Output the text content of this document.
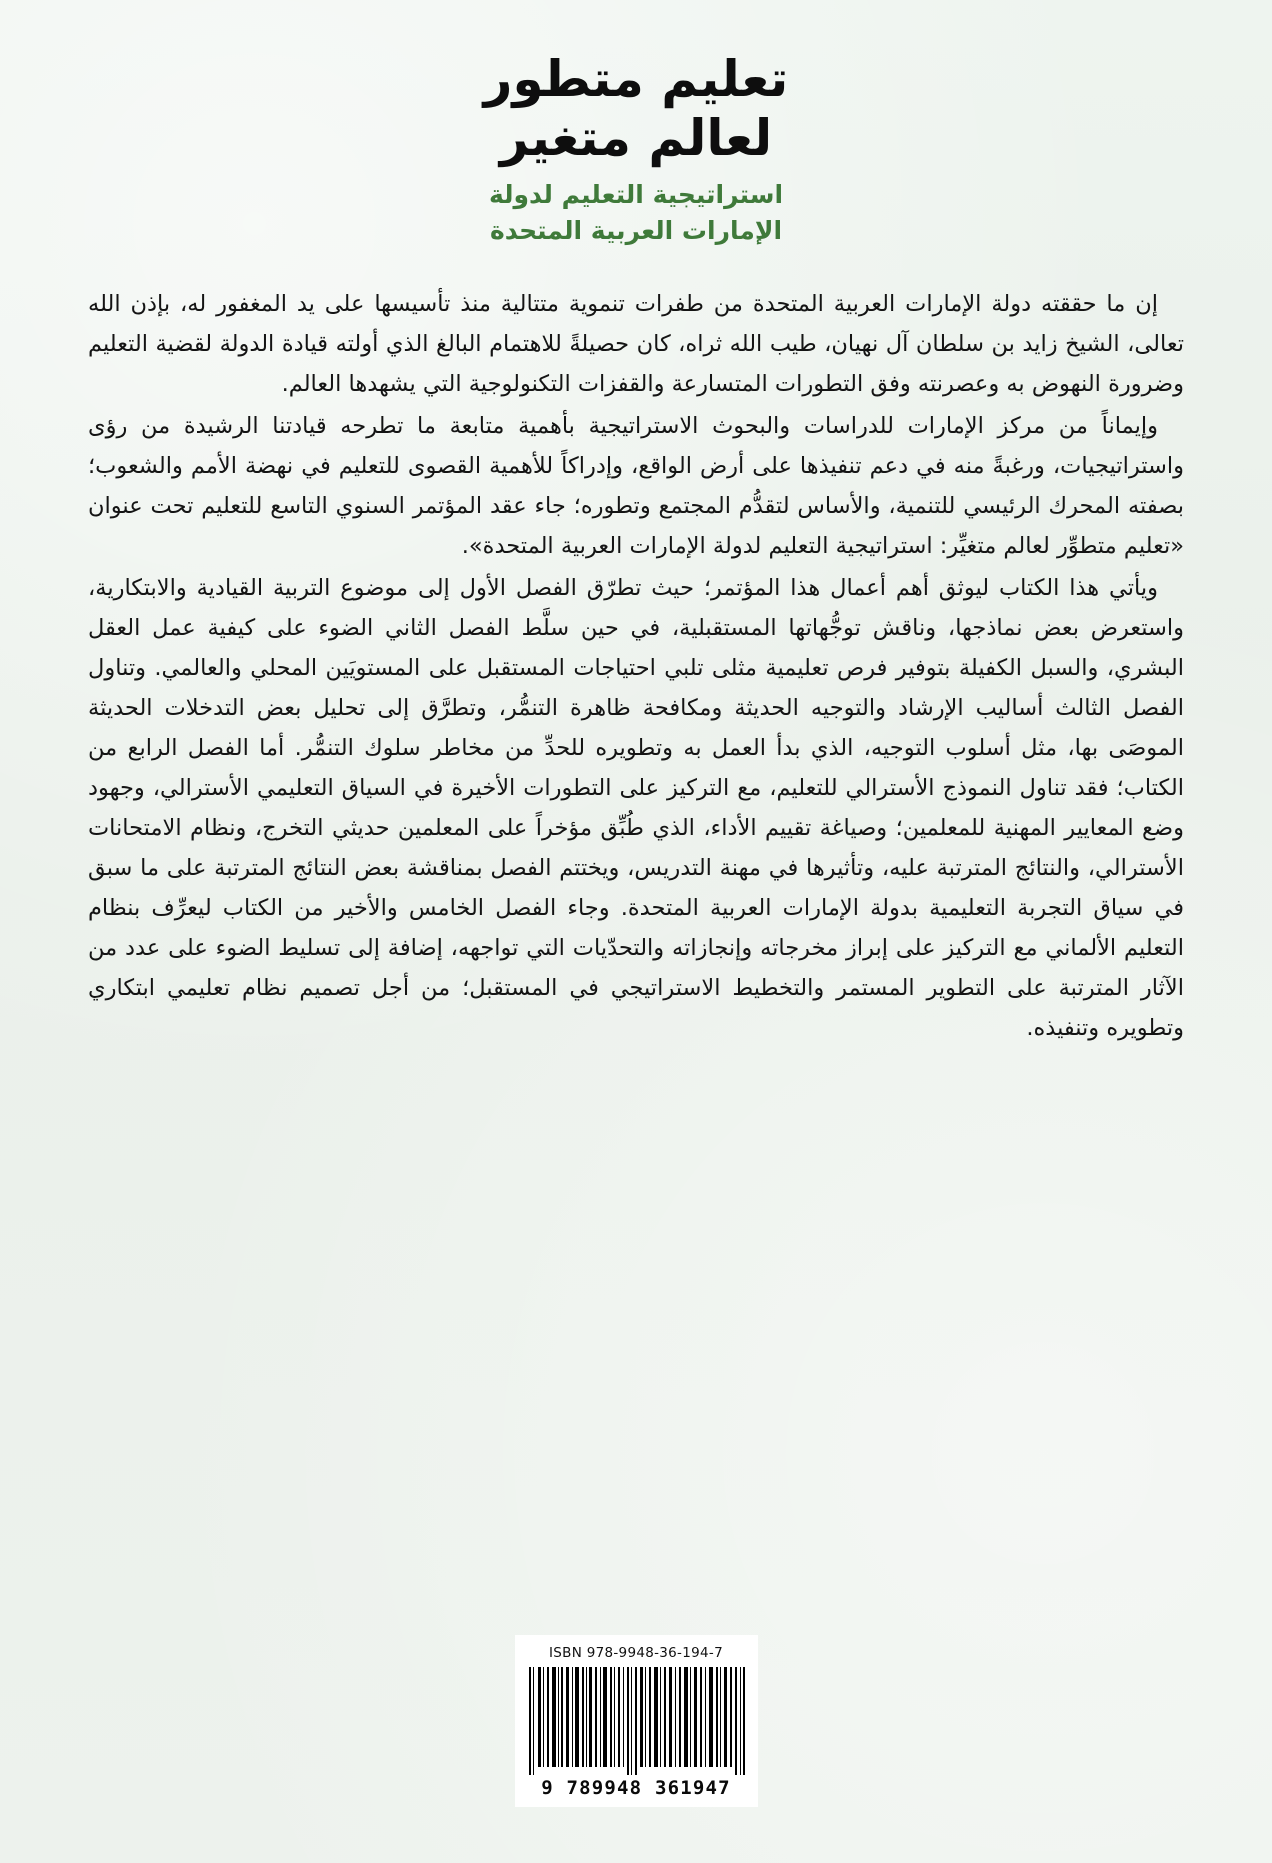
تعليم متطور
لعالم متغير
استراتيجية التعليم لدولة
الإمارات العربية المتحدة

إن ما حققته دولة الإمارات العربية المتحدة من طفرات تنموية متتالية منذ تأسيسها على يد المغفور له، بإذن الله تعالى، الشيخ زايد بن سلطان آل نهيان، طيب الله ثراه، كان حصيلةً للاهتمام البالغ الذي أولته قيادة الدولة لقضية التعليم وضرورة النهوض به وعصرنته وفق التطورات المتسارعة والقفزات التكنولوجية التي يشهدها العالم.

وإيماناً من مركز الإمارات للدراسات والبحوث الاستراتيجية بأهمية متابعة ما تطرحه قيادتنا الرشيدة من رؤى واستراتيجيات، ورغبةً منه في دعم تنفيذها على أرض الواقع، وإدراكاً للأهمية القصوى للتعليم في نهضة الأمم والشعوب؛ بصفته المحرك الرئيسي للتنمية، والأساس لتقدُّم المجتمع وتطوره؛ جاء عقد المؤتمر السنوي التاسع للتعليم تحت عنوان «تعليم متطوِّر لعالم متغيِّر: استراتيجية التعليم لدولة الإمارات العربية المتحدة».

ويأتي هذا الكتاب ليوثق أهم أعمال هذا المؤتمر؛ حيث تطرّق الفصل الأول إلى موضوع التربية القيادية والابتكارية، واستعرض بعض نماذجها، وناقش توجُّهاتها المستقبلية، في حين سلَّط الفصل الثاني الضوء على كيفية عمل العقل البشري، والسبل الكفيلة بتوفير فرص تعليمية مثلى تلبي احتياجات المستقبل على المستويَين المحلي والعالمي. وتناول الفصل الثالث أساليب الإرشاد والتوجيه الحديثة ومكافحة ظاهرة التنمُّر، وتطرَّق إلى تحليل بعض التدخلات الحديثة الموصَى بها، مثل أسلوب التوجيه، الذي بدأ العمل به وتطويره للحدِّ من مخاطر سلوك التنمُّر. أما الفصل الرابع من الكتاب؛ فقد تناول النموذج الأسترالي للتعليم، مع التركيز على التطورات الأخيرة في السياق التعليمي الأسترالي، وجهود وضع المعايير المهنية للمعلمين؛ وصياغة تقييم الأداء، الذي طُبِّق مؤخراً على المعلمين حديثي التخرج، ونظام الامتحانات الأسترالي، والنتائج المترتبة عليه، وتأثيرها في مهنة التدريس، ويختتم الفصل بمناقشة بعض النتائج المترتبة على ما سبق في سياق التجربة التعليمية بدولة الإمارات العربية المتحدة. وجاء الفصل الخامس والأخير من الكتاب ليعرِّف بنظام التعليم الألماني مع التركيز على إبراز مخرجاته وإنجازاته والتحدّيات التي تواجهه، إضافة إلى تسليط الضوء على عدد من الآثار المترتبة على التطوير المستمر والتخطيط الاستراتيجي في المستقبل؛ من أجل تصميم نظام تعليمي ابتكاري وتطويره وتنفيذه.

ISBN 978-9948-36-194-7
9 789948 361947
